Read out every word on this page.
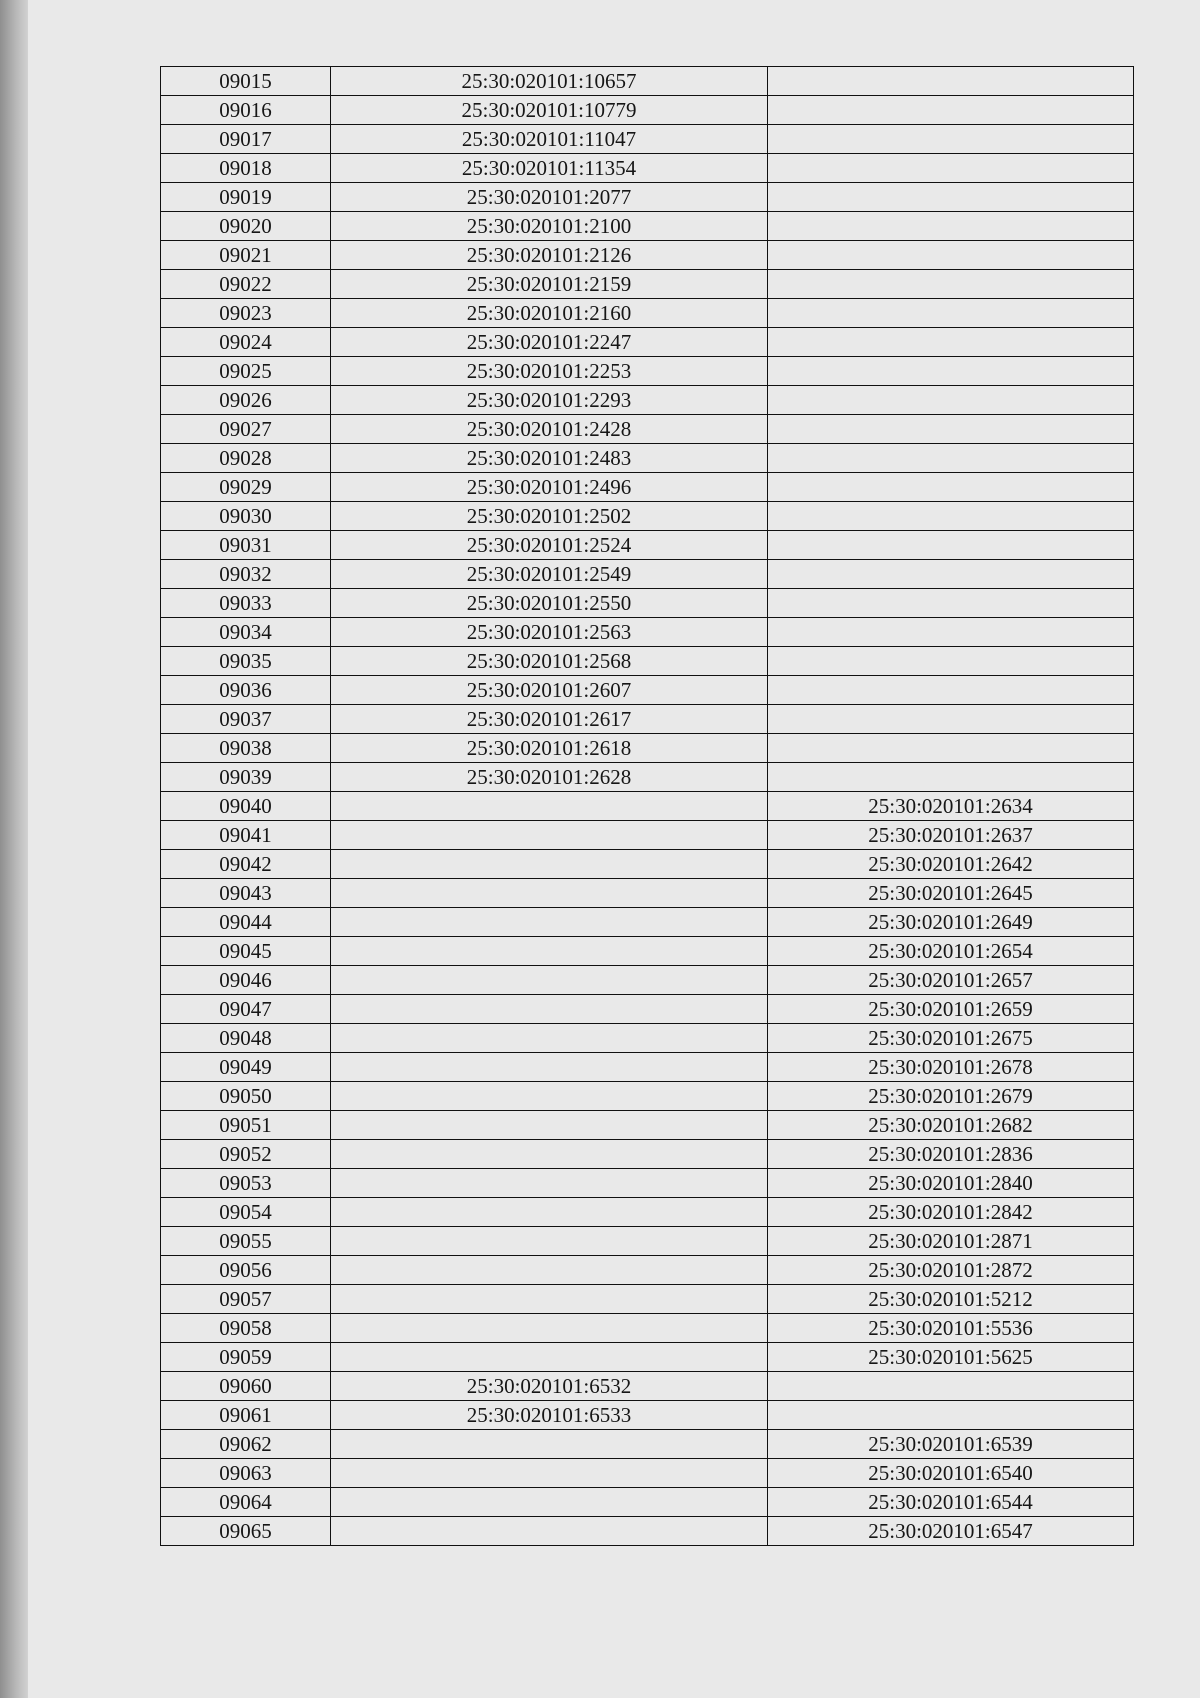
09015	25:30:020101:10657	
09016	25:30:020101:10779	
09017	25:30:020101:11047	
09018	25:30:020101:11354	
09019	25:30:020101:2077	
09020	25:30:020101:2100	
09021	25:30:020101:2126	
09022	25:30:020101:2159	
09023	25:30:020101:2160	
09024	25:30:020101:2247	
09025	25:30:020101:2253	
09026	25:30:020101:2293	
09027	25:30:020101:2428	
09028	25:30:020101:2483	
09029	25:30:020101:2496	
09030	25:30:020101:2502	
09031	25:30:020101:2524	
09032	25:30:020101:2549	
09033	25:30:020101:2550	
09034	25:30:020101:2563	
09035	25:30:020101:2568	
09036	25:30:020101:2607	
09037	25:30:020101:2617	
09038	25:30:020101:2618	
09039	25:30:020101:2628	
09040		25:30:020101:2634
09041		25:30:020101:2637
09042		25:30:020101:2642
09043		25:30:020101:2645
09044		25:30:020101:2649
09045		25:30:020101:2654
09046		25:30:020101:2657
09047		25:30:020101:2659
09048		25:30:020101:2675
09049		25:30:020101:2678
09050		25:30:020101:2679
09051		25:30:020101:2682
09052		25:30:020101:2836
09053		25:30:020101:2840
09054		25:30:020101:2842
09055		25:30:020101:2871
09056		25:30:020101:2872
09057		25:30:020101:5212
09058		25:30:020101:5536
09059		25:30:020101:5625
09060	25:30:020101:6532	
09061	25:30:020101:6533	
09062		25:30:020101:6539
09063		25:30:020101:6540
09064		25:30:020101:6544
09065		25:30:020101:6547
